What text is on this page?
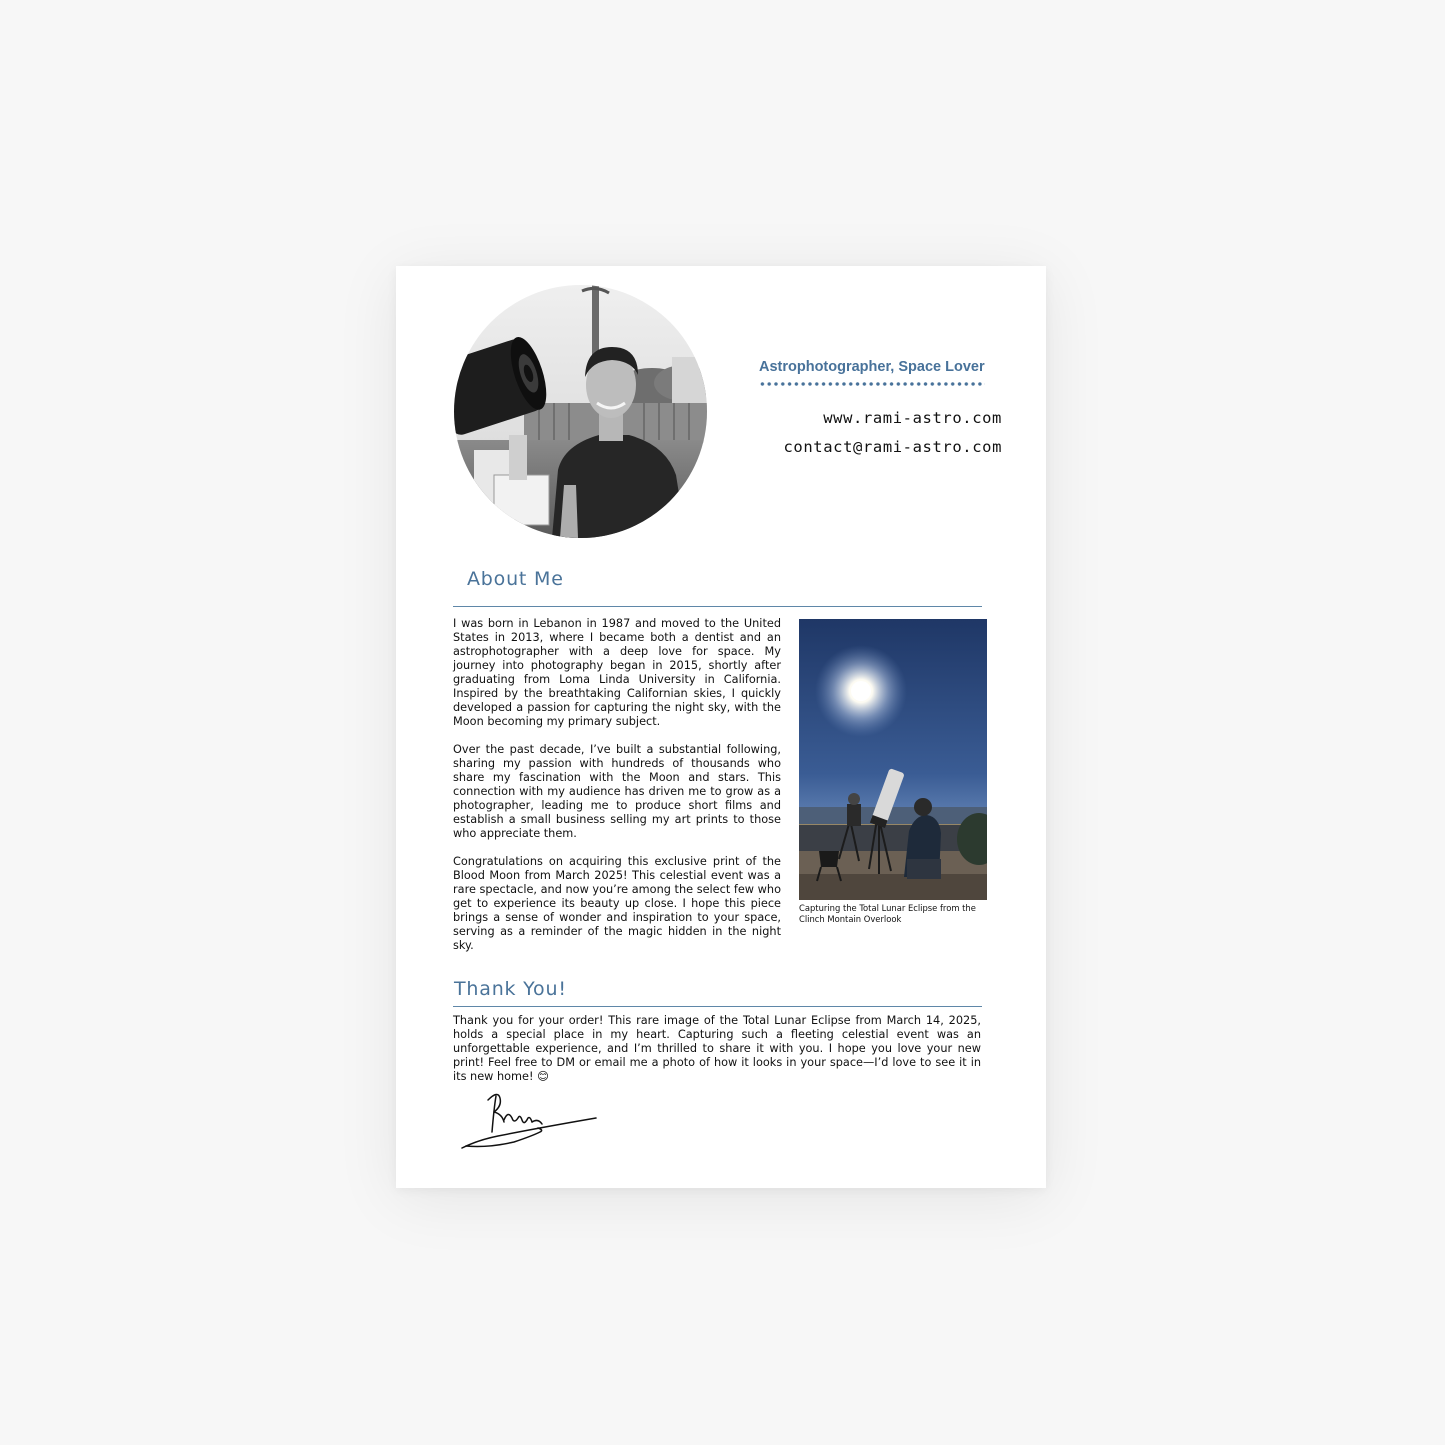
Astrophotographer, Space Lover
www.rami-astro.com
contact@rami-astro.com
About Me

I was born in Lebanon in 1987 and moved to the United States in 2013, where I became both a dentist and an astrophotographer with a deep love for space. My journey into photography began in 2015, shortly after graduating from Loma Linda University in California. Inspired by the breathtaking Californian skies, I quickly developed a passion for capturing the night sky, with the Moon becoming my primary subject.

Over the past decade, I’ve built a substantial following, sharing my passion with hundreds of thousands who share my fascination with the Moon and stars. This connection with my audience has driven me to grow as a photographer, leading me to produce short films and establish a small business selling my art prints to those who appreciate them.

Congratulations on acquiring this exclusive print of the Blood Moon from March 2025! This celestial event was a rare spectacle, and now you’re among the select few who get to experience its beauty up close. I hope this piece brings a sense of wonder and inspiration to your space, serving as a reminder of the magic hidden in the night sky.

Capturing the Total Lunar Eclipse from the Clinch Montain Overlook
Thank You!
Thank you for your order! This rare image of the Total Lunar Eclipse from March 14, 2025, holds a special place in my heart. Capturing such a fleeting celestial event was an unforgettable experience, and I’m thrilled to share it with you. I hope you love your new print! Feel free to DM or email me a photo of how it looks in your space—I’d love to see it in its new home! 😊
